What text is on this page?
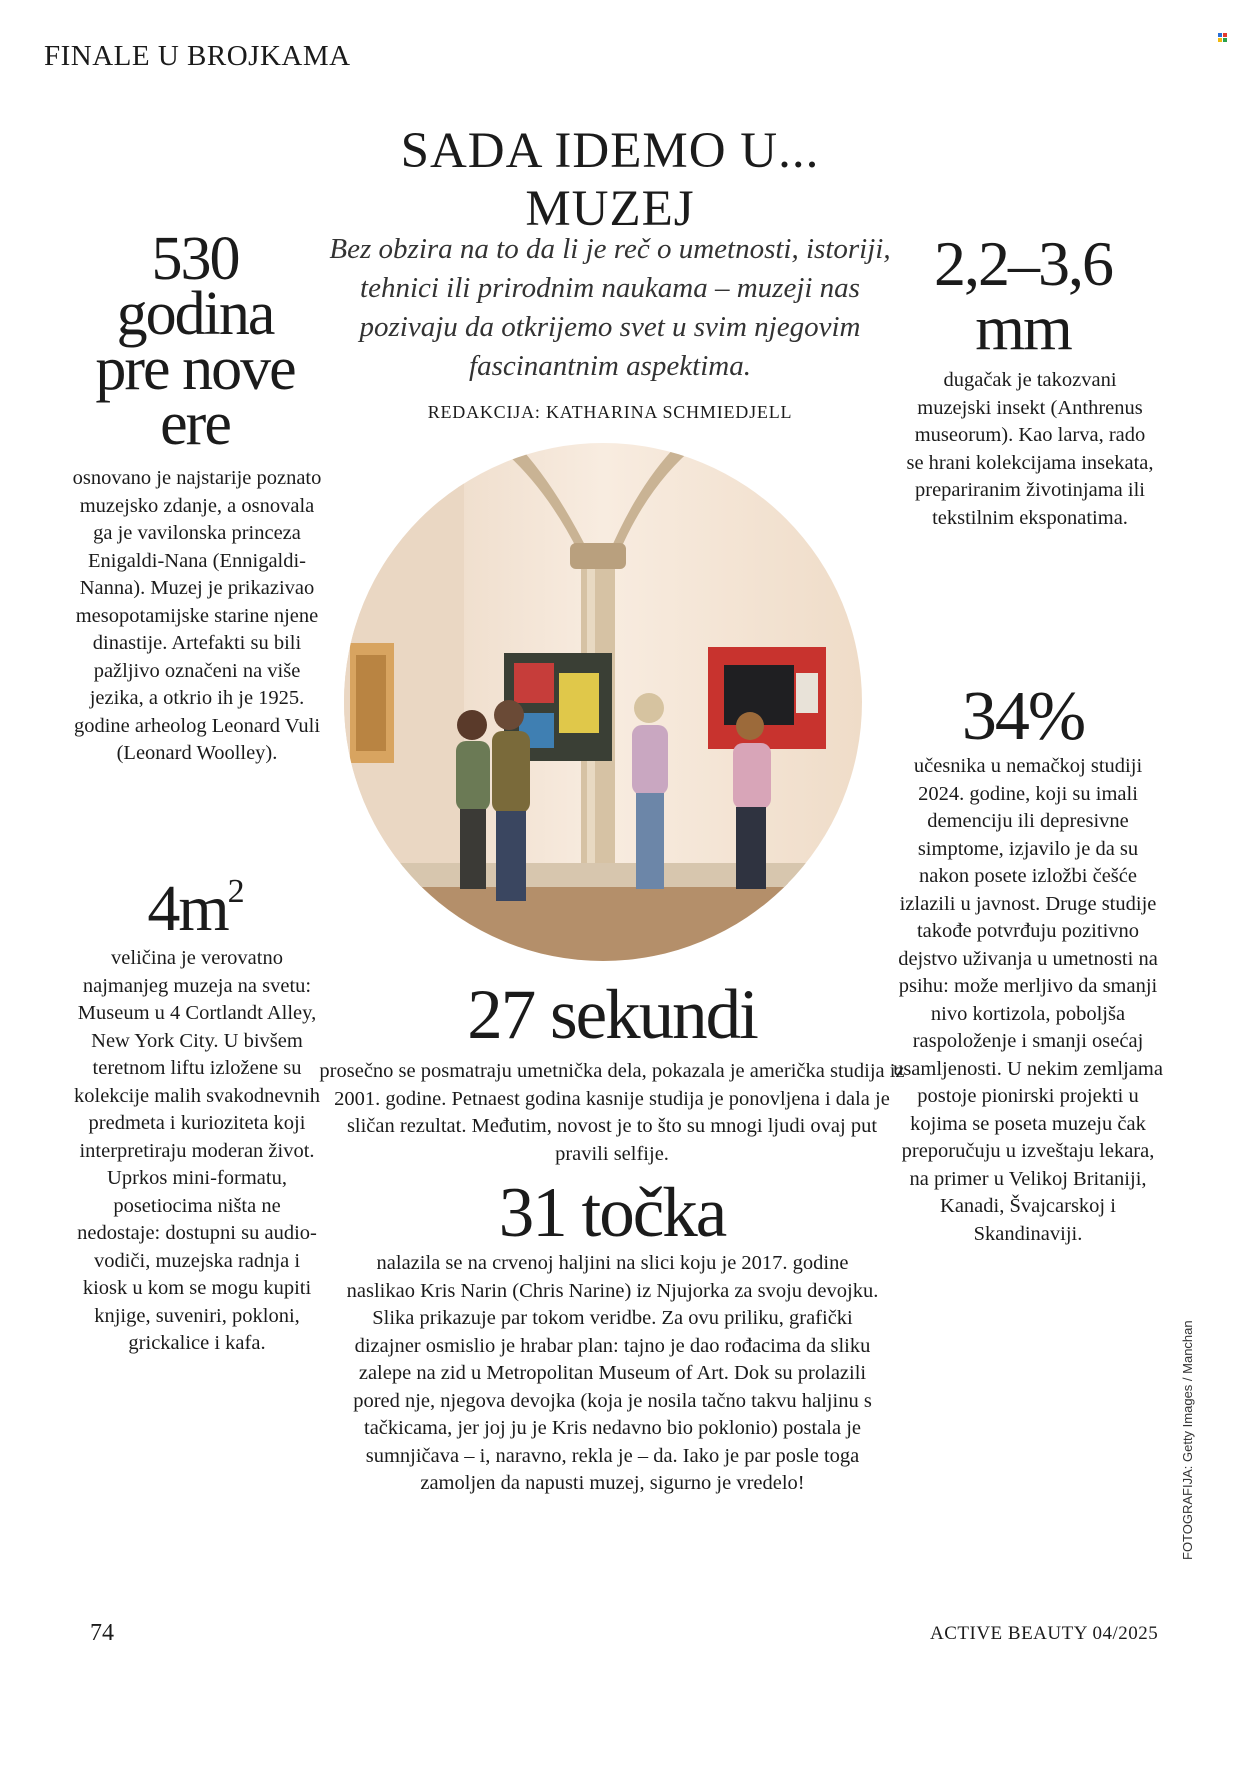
FINALE U BROJKAMA
SADA IDEMO U...
MUZEJ
Bez obzira na to da li je reč o umetnosti, istoriji, tehnici ili prirodnim naukama – muzeji nas pozivaju da otkrijemo svet u svim njegovim fascinantnim aspektima.
REDAKCIJA: KATHARINA SCHMIEDJELL
530
godina
pre nove
ere
osnovano je najstarije poznato muzejsko zdanje, a osnovala ga je vavilonska princeza Enigaldi-Nana (Ennigaldi-Nanna). Muzej je prikazivao mesopotamijske starine njene dinastije. Artefakti su bili pažljivo označeni na više jezika, a otkrio ih je 1925. godine arheolog Leonard Vuli (Leonard Woolley).
$4m^2$
veličina je verovatno najmanjeg muzeja na svetu: Museum u 4 Cortlandt Alley, New York City. U bivšem teretnom liftu izložene su kolekcije malih svakodnevnih predmeta i kurioziteta koji interpretiraju moderan život. Uprkos mini-formatu, posetiocima ništa ne nedostaje: dostupni su audio-vodiči, muzejska radnja i kiosk u kom se mogu kupiti knjige, suveniri, pokloni, grickalice i kafa.
2,2–3,6
mm
dugačak je takozvani muzejski insekt (Anthrenus museorum). Kao larva, rado se hrani kolekcijama insekata, prepariranim životinjama ili tekstilnim eksponatima.
34%
učesnika u nemačkoj studiji 2024. godine, koji su imali demenciju ili depresivne simptome, izjavilo je da su nakon posete izložbi češće izlazili u javnost. Druge studije takođe potvrđuju pozitivno dejstvo uživanja u umetnosti na psihu: može merljivo da smanji nivo kortizola, poboljša raspoloženje i smanji osećaj usamljenosti. U nekim zemljama postoje pionirski projekti u kojima se poseta muzeju čak preporučuju u izveštaju lekara, na primer u Velikoj Britaniji, Kanadi, Švajcarskoj i Skandinaviji.
27 sekundi
prosečno se posmatraju umetnička dela, pokazala je američka studija iz 2001. godine. Petnaest godina kasnije studija je ponovljena i dala je sličan rezultat. Međutim, novost je to što su mnogi ljudi ovaj put pravili selfije.
31 točka
nalazila se na crvenoj haljini na slici koju je 2017. godine naslikao Kris Narin (Chris Narine) iz Njujorka za svoju devojku. Slika prikazuje par tokom veridbe. Za ovu priliku, grafički dizajner osmislio je hrabar plan: tajno je dao rođacima da sliku zalepe na zid u Metropolitan Museum of Art. Dok su prolazili pored nje, njegova devojka (koja je nosila tačno takvu haljinu s tačkicama, jer joj ju je Kris nedavno bio poklonio) postala je sumnjičava – i, naravno, rekla je – da. Iako je par posle toga zamoljen da napusti muzej, sigurno je vredelo!	FOTOGRAFIJA: Getty Images / Manchan
74	ACTIVE BEAUTY 04/2025
